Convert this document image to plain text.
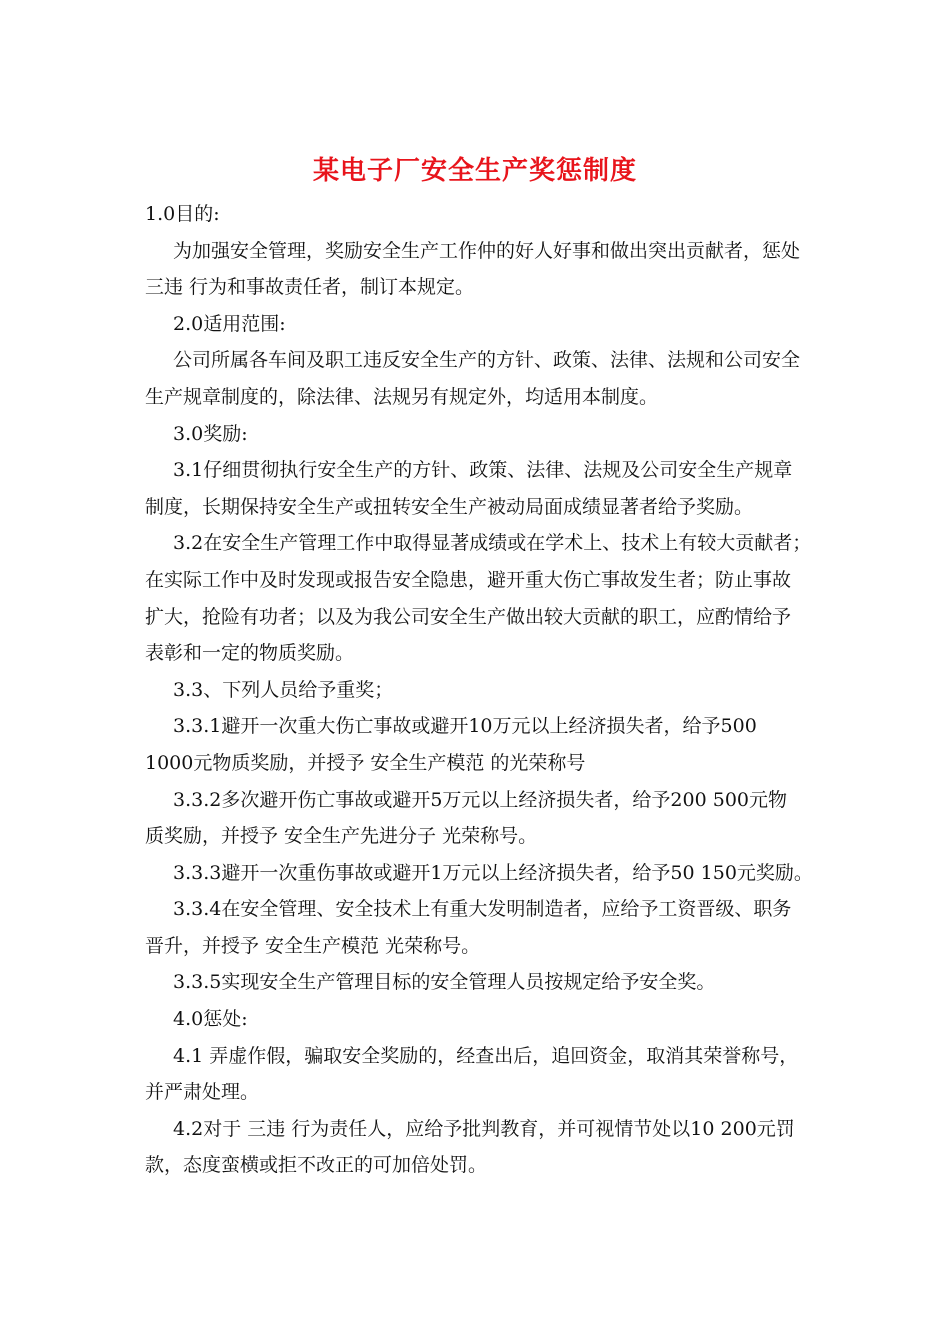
某电子厂安全生产奖惩制度
1.0目的:
为加强安全管理，奖励安全生产工作仲的好人好事和做出突出贡献者，惩处
三违 行为和事故责任者，制订本规定。
2.0适用范围:
公司所属各车间及职工违反安全生产的方针、政策、法律、法规和公司安全
生产规章制度的，除法律、法规另有规定外，均适用本制度。
3.0奖励:
3.1仔细贯彻执行安全生产的方针、政策、法律、法规及公司安全生产规章
制度，长期保持安全生产或扭转安全生产被动局面成绩显著者给予奖励。
3.2在安全生产管理工作中取得显著成绩或在学术上、技术上有较大贡献者；
在实际工作中及时发现或报告安全隐患，避开重大伤亡事故发生者；防止事故
扩大，抢险有功者；以及为我公司安全生产做出较大贡献的职工，应酌情给予
表彰和一定的物质奖励。
3.3、下列人员给予重奖；
3.3.1避开一次重大伤亡事故或避开10万元以上经济损失者，给予500
1000元物质奖励，并授予 安全生产模范 的光荣称号
3.3.2多次避开伤亡事故或避开5万元以上经济损失者，给予200 500元物
质奖励，并授予 安全生产先进分子 光荣称号。
3.3.3避开一次重伤事故或避开1万元以上经济损失者，给予50 150元奖励。
3.3.4在安全管理、安全技术上有重大发明制造者，应给予工资晋级、职务
晋升，并授予 安全生产模范 光荣称号。
3.3.5实现安全生产管理目标的安全管理人员按规定给予安全奖。
4.0惩处:
4.1 弄虚作假，骗取安全奖励的，经查出后，追回资金，取消其荣誉称号，
并严肃处理。
4.2对于 三违 行为责任人，应给予批判教育，并可视情节处以10 200元罚
款，态度蛮横或拒不改正的可加倍处罚。
